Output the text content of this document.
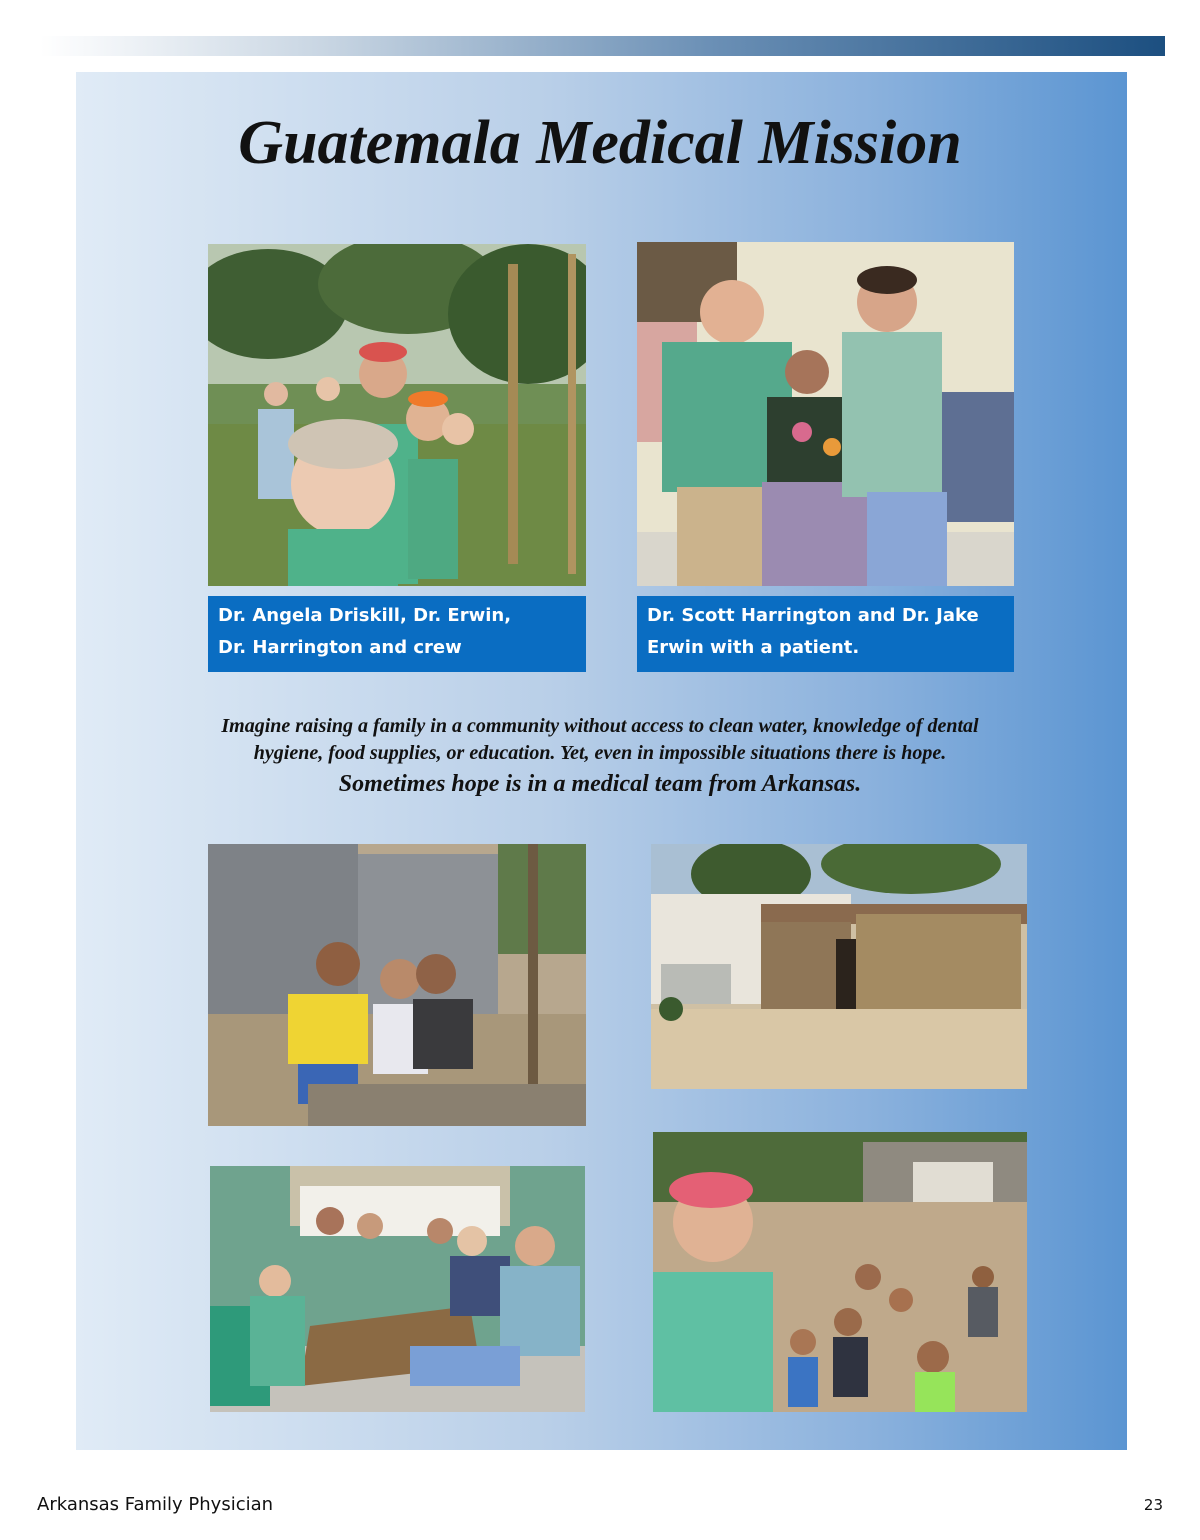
Guatemala Medical Mission
Dr. Angela Driskill, Dr. Erwin,
Dr. Harrington and crew
Dr. Scott Harrington and Dr. Jake
Erwin with a patient.
Imagine raising a family in a community without access to clean water, knowledge of dental
hygiene, food supplies, or education. Yet, even in impossible situations there is hope.
Sometimes hope is in a medical team from Arkansas.
Arkansas Family Physician	23
